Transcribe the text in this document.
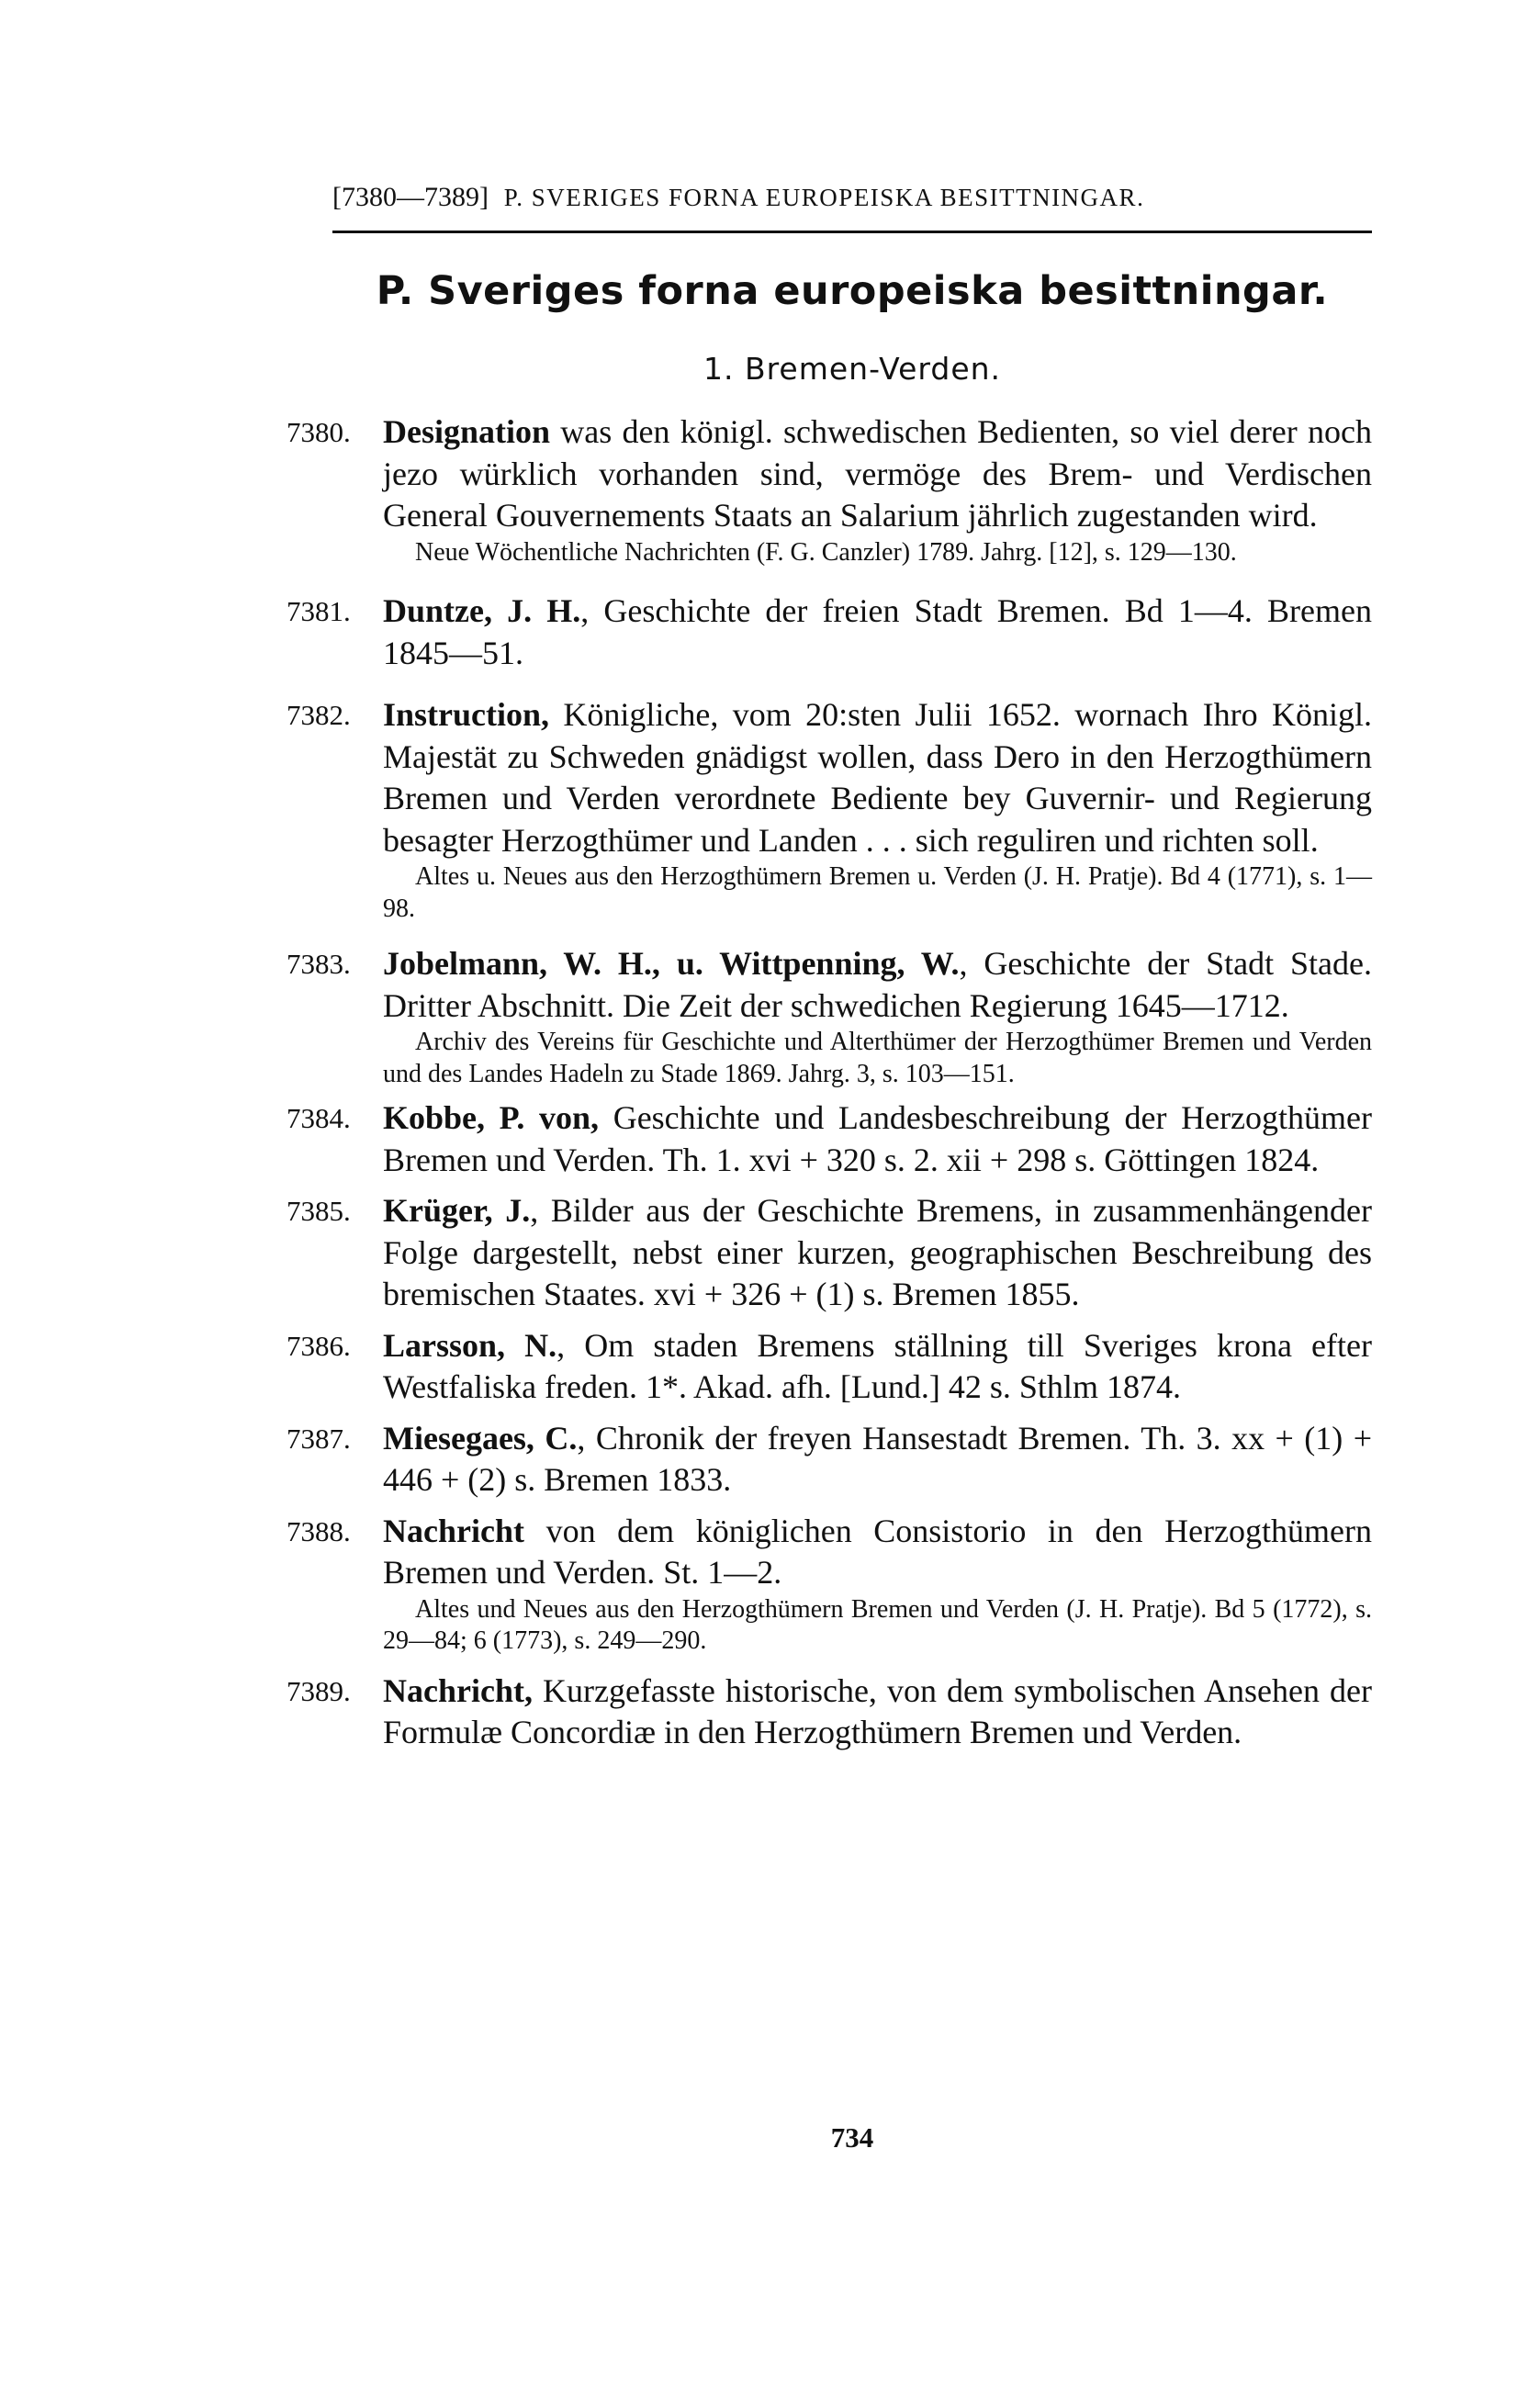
[7380—7389] P. SVERIGES FORNA EUROPEISKA BESITTNINGAR.
P. Sveriges forna europeiska besittningar.
1. Bremen-Verden.
7380. Designation was den königl. schwedischen Bedienten, so viel derer noch jezo würklich vorhanden sind, vermöge des Brem- und Verdischen General Gouvernements Staats an Salarium jährlich zugestanden wird.
Neue Wöchentliche Nachrichten (F. G. Canzler) 1789. Jahrg. [12], s. 129—130.
7381. Duntze, J. H., Geschichte der freien Stadt Bremen. Bd 1—4. Bremen 1845—51.
7382. Instruction, Königliche, vom 20:sten Julii 1652. wornach Ihro Königl. Majestät zu Schweden gnädigst wollen, dass Dero in den Herzogthümern Bremen und Verden verordnete Bediente bey Guvernir- und Regierung besagter Herzogthümer und Landen . . . sich reguliren und richten soll.
Altes u. Neues aus den Herzogthümern Bremen u. Verden (J. H. Pratje). Bd 4 (1771), s. 1—98.
7383. Jobelmann, W. H., u. Wittpenning, W., Geschichte der Stadt Stade. Dritter Abschnitt. Die Zeit der schwedichen Regierung 1645—1712.
Archiv des Vereins für Geschichte und Alterthümer der Herzogthümer Bremen und Verden und des Landes Hadeln zu Stade 1869. Jahrg. 3, s. 103—151.
7384. Kobbe, P. von, Geschichte und Landesbeschreibung der Herzogthümer Bremen und Verden. Th. 1. xvi + 320 s. 2. xii + 298 s. Göttingen 1824.
7385. Krüger, J., Bilder aus der Geschichte Bremens, in zusammenhängender Folge dargestellt, nebst einer kurzen, geographischen Beschreibung des bremischen Staates. xvi + 326 + (1) s. Bremen 1855.
7386. Larsson, N., Om staden Bremens ställning till Sveriges krona efter Westfaliska freden. 1*. Akad. afh. [Lund.] 42 s. Sthlm 1874.
7387. Miesegaes, C., Chronik der freyen Hansestadt Bremen. Th. 3. xx + (1) + 446 + (2) s. Bremen 1833.
7388. Nachricht von dem königlichen Consistorio in den Herzogthümern Bremen und Verden. St. 1—2.
Altes und Neues aus den Herzogthümern Bremen und Verden (J. H. Pratje). Bd 5 (1772), s. 29—84; 6 (1773), s. 249—290.
7389. Nachricht, Kurzgefasste historische, von dem symbolischen Ansehen der Formulæ Concordiæ in den Herzogthümern Bremen und Verden.
734
